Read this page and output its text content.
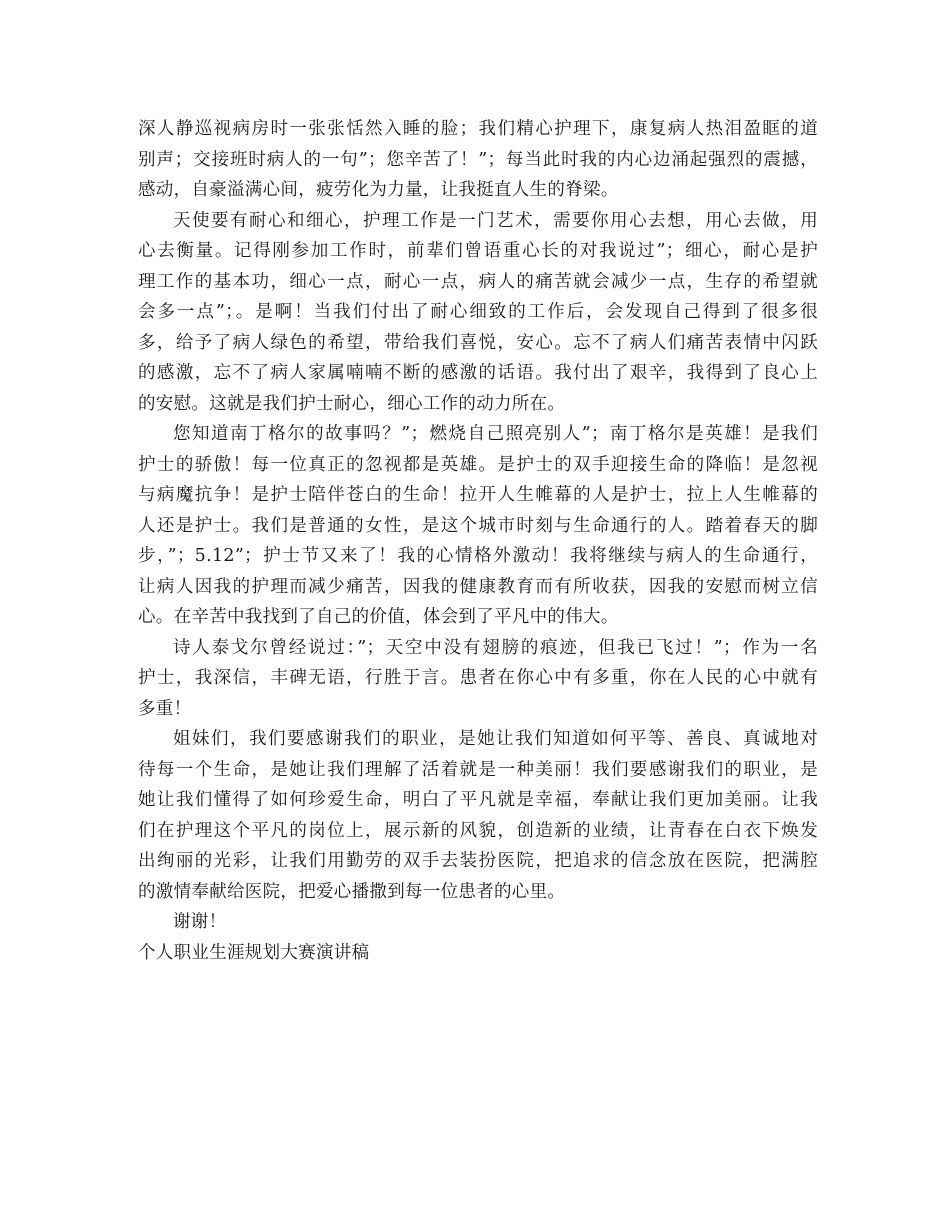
深人静巡视病房时一张张恬然入睡的脸；我们精心护理下，康复病人热泪盈眶的道
别声；交接班时病人的一句”；您辛苦了！”；每当此时我的内心边涌起强烈的震撼，
感动，自豪溢满心间，疲劳化为力量，让我挺直人生的脊梁。
天使要有耐心和细心，护理工作是一门艺术，需要你用心去想，用心去做，用
心去衡量。记得刚参加工作时，前辈们曾语重心长的对我说过”；细心，耐心是护
理工作的基本功，细心一点，耐心一点，病人的痛苦就会减少一点，生存的希望就
会多一点”；。是啊！当我们付出了耐心细致的工作后，会发现自己得到了很多很
多，给予了病人绿色的希望，带给我们喜悦，安心。忘不了病人们痛苦表情中闪跃
的感激，忘不了病人家属喃喃不断的感激的话语。我付出了艰辛，我得到了良心上
的安慰。这就是我们护士耐心，细心工作的动力所在。
您知道南丁格尔的故事吗？”；燃烧自己照亮别人”；南丁格尔是英雄！是我们
护士的骄傲！每一位真正的忽视都是英雄。是护士的双手迎接生命的降临！是忽视
与病魔抗争！是护士陪伴苍白的生命！拉开人生帷幕的人是护士，拉上人生帷幕的
人还是护士。我们是普通的女性，是这个城市时刻与生命通行的人。踏着春天的脚
步，”；5.12”；护士节又来了！我的心情格外激动！我将继续与病人的生命通行，
让病人因我的护理而减少痛苦，因我的健康教育而有所收获，因我的安慰而树立信
心。在辛苦中我找到了自己的价值，体会到了平凡中的伟大。
诗人泰戈尔曾经说过：”；天空中没有翅膀的痕迹，但我已飞过！”；作为一名
护士，我深信，丰碑无语，行胜于言。患者在你心中有多重，你在人民的心中就有
多重！
姐妹们，我们要感谢我们的职业，是她让我们知道如何平等、善良、真诚地对
待每一个生命，是她让我们理解了活着就是一种美丽！我们要感谢我们的职业，是
她让我们懂得了如何珍爱生命，明白了平凡就是幸福，奉献让我们更加美丽。让我
们在护理这个平凡的岗位上，展示新的风貌，创造新的业绩，让青春在白衣下焕发
出绚丽的光彩，让我们用勤劳的双手去装扮医院，把追求的信念放在医院，把满腔
的激情奉献给医院，把爱心播撒到每一位患者的心里。
谢谢！
个人职业生涯规划大赛演讲稿
